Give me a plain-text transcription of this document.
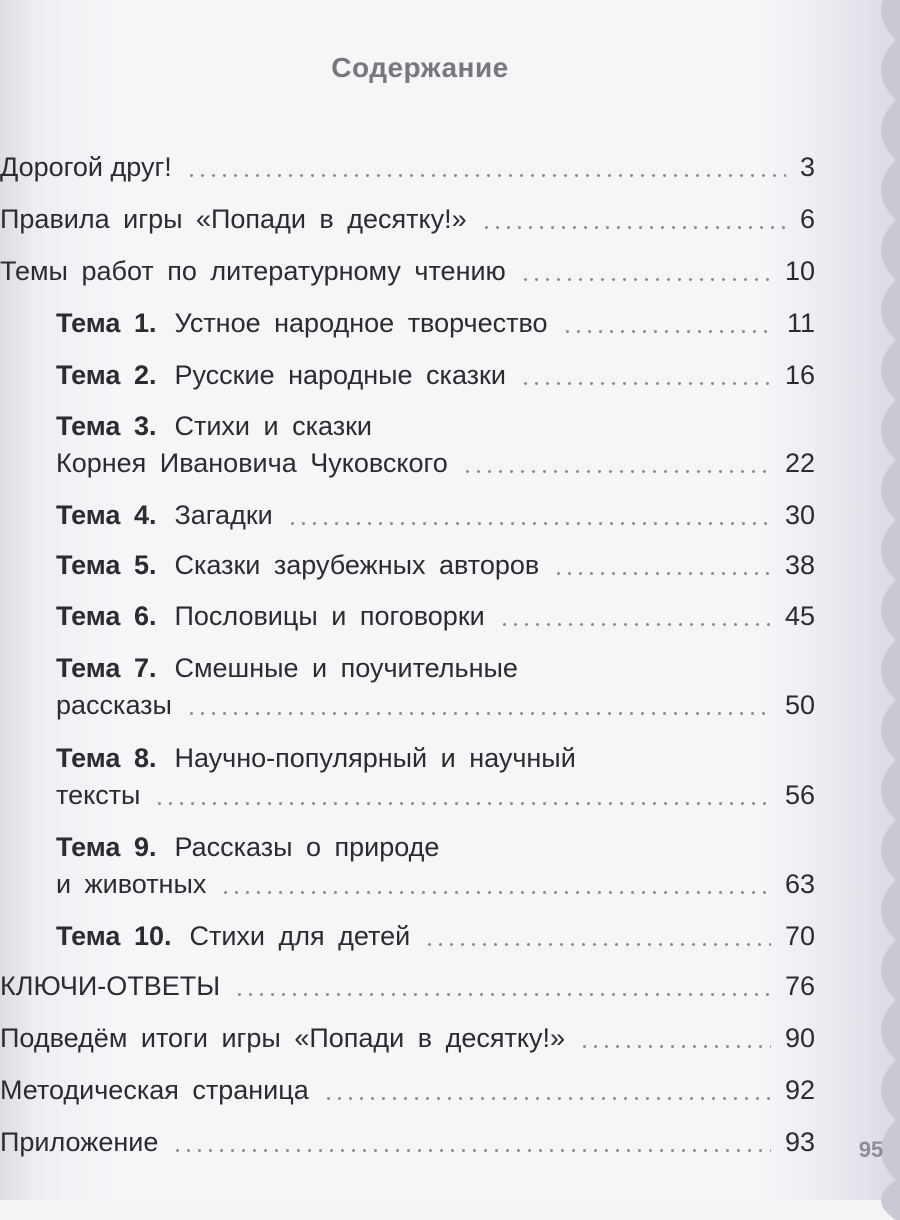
Содержание
Дорогой друг!	3
Правила игры «Попади в десятку!»	6
Темы работ по литературному чтению	10
Тема 1. Устное народное творчество	11
Тема 2. Русские народные сказки	16
Тема 3. Стихи и сказки
Корнея Ивановича Чуковского	22
Тема 4. Загадки	30
Тема 5. Сказки зарубежных авторов	38
Тема 6. Пословицы и поговорки	45
Тема 7. Смешные и поучительные
рассказы	50
Тема 8. Научно-популярный и научный
тексты	56
Тема 9. Рассказы о природе
и животных	63
Тема 10. Стихи для детей	70
КЛЮЧИ-ОТВЕТЫ	76
Подведём итоги игры «Попади в десятку!»	90
Методическая страница	92
Приложение	93	95
